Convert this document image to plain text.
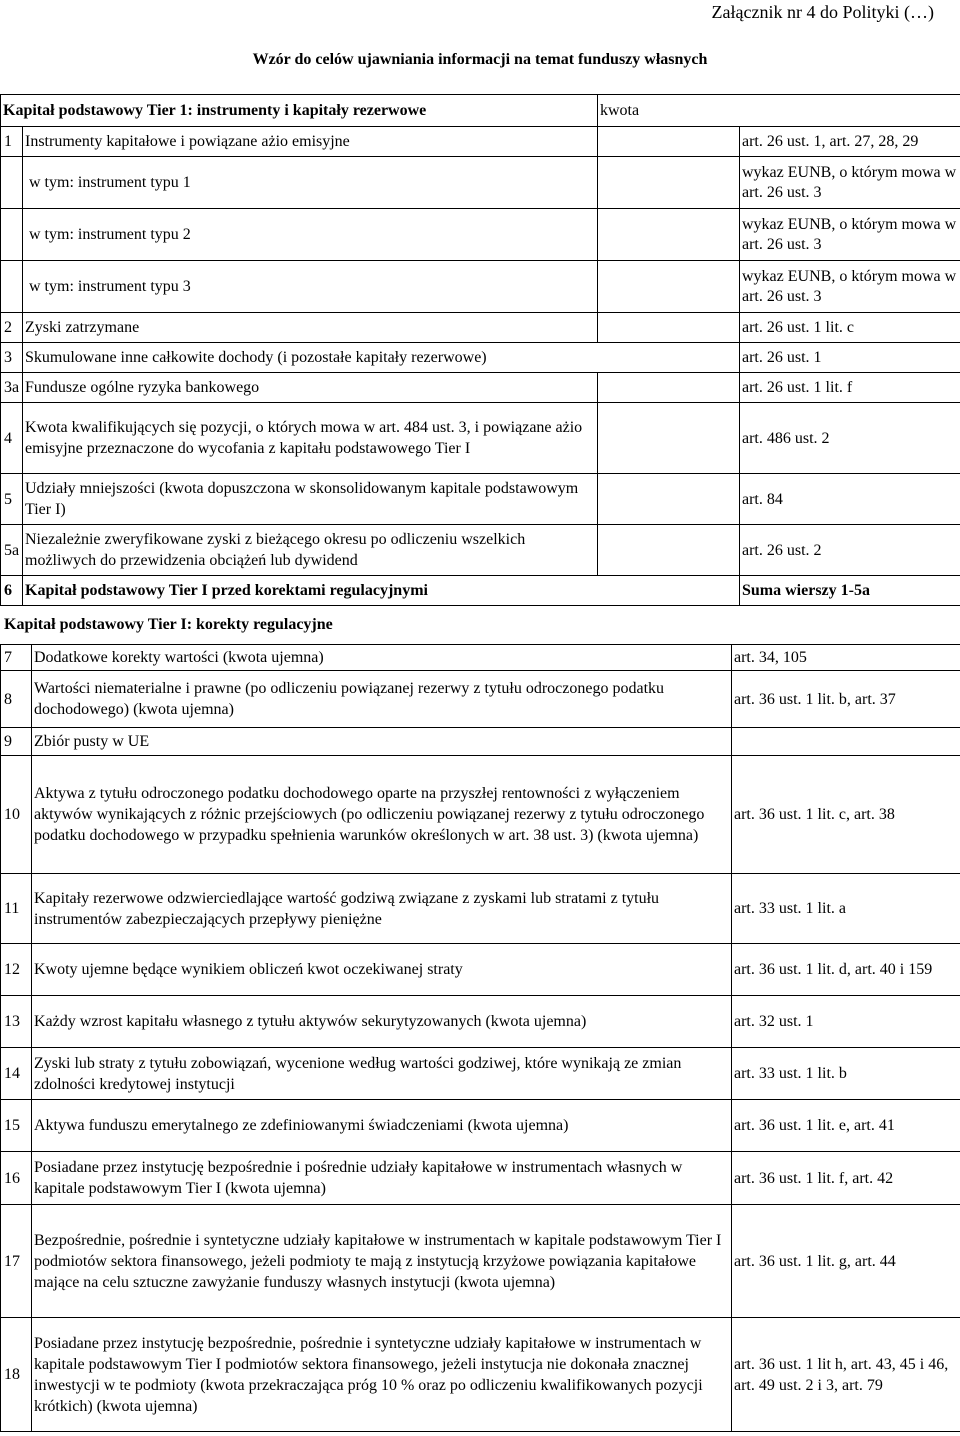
Załącznik nr 4 do Polityki (…)
Wzór do celów ujawniania informacji na temat funduszy własnych
Kapitał podstawowy Tier 1: instrumenty i kapitały rezerwowe		kwota	
1	Instrumenty kapitałowe i powiązane ażio emisyjne		art. 26 ust. 1, art. 27, 28, 29
	w tym: instrument typu 1		wykaz EUNB, o którym mowa w art. 26 ust. 3
	w tym: instrument typu 2		wykaz EUNB, o którym mowa w art. 26 ust. 3
	w tym: instrument typu 3		wykaz EUNB, o którym mowa w art. 26 ust. 3
2	Zyski zatrzymane		art. 26 ust. 1 lit. c
3	Skumulowane inne całkowite dochody (i pozostałe kapitały rezerwowe)		art. 26 ust. 1
3a	Fundusze ogólne ryzyka bankowego		art. 26 ust. 1 lit. f
4	Kwota kwalifikujących się pozycji, o których mowa w art. 484 ust. 3, i powiązane ażio emisyjne przeznaczone do wycofania z kapitału podstawowego Tier I		art. 486 ust. 2
5	Udziały mniejszości (kwota dopuszczona w skonsolidowanym kapitale podstawowym Tier I)		art. 84
5a	Niezależnie zweryfikowane zyski z bieżącego okresu po odliczeniu wszelkich możliwych do przewidzenia obciążeń lub dywidend		art. 26 ust. 2
6	Kapitał podstawowy Tier I przed korektami regulacyjnymi		Suma wierszy 1-5a
Kapitał podstawowy Tier I: korekty regulacyjne
7	Dodatkowe korekty wartości (kwota ujemna)	art. 34, 105
8	Wartości niematerialne i prawne (po odliczeniu powiązanej rezerwy z tytułu odroczonego podatku dochodowego) (kwota ujemna)	art. 36 ust. 1 lit. b, art. 37
9	Zbiór pusty w UE	
10	Aktywa z tytułu odroczonego podatku dochodowego oparte na przyszłej rentowności z wyłączeniem aktywów wynikających z różnic przejściowych (po odliczeniu powiązanej rezerwy z tytułu odroczonego podatku dochodowego w przypadku spełnienia warunków określonych w art. 38 ust. 3) (kwota ujemna)	art. 36 ust. 1 lit. c, art. 38
11	Kapitały rezerwowe odzwierciedlające wartość godziwą związane z zyskami lub stratami z tytułu instrumentów zabezpieczających przepływy pieniężne	art. 33 ust. 1 lit. a
12	Kwoty ujemne będące wynikiem obliczeń kwot oczekiwanej straty	art. 36 ust. 1 lit. d, art. 40 i 159
13	Każdy wzrost kapitału własnego z tytułu aktywów sekurytyzowanych (kwota ujemna)	art. 32 ust. 1
14	Zyski lub straty z tytułu zobowiązań, wycenione według wartości godziwej, które wynikają ze zmian zdolności kredytowej instytucji	art. 33 ust. 1 lit. b
15	Aktywa funduszu emerytalnego ze zdefiniowanymi świadczeniami (kwota ujemna)	art. 36 ust. 1 lit. e, art. 41
16	Posiadane przez instytucję bezpośrednie i pośrednie udziały kapitałowe w instrumentach własnych w kapitale podstawowym Tier I (kwota ujemna)	art. 36 ust. 1 lit. f, art. 42
17	Bezpośrednie, pośrednie i syntetyczne udziały kapitałowe w instrumentach w kapitale podstawowym Tier I podmiotów sektora finansowego, jeżeli podmioty te mają z instytucją krzyżowe powiązania kapitałowe mające na celu sztuczne zawyżanie funduszy własnych instytucji (kwota ujemna)	art. 36 ust. 1 lit. g, art. 44
18	Posiadane przez instytucję bezpośrednie, pośrednie i syntetyczne udziały kapitałowe w instrumentach w kapitale podstawowym Tier I podmiotów sektora finansowego, jeżeli instytucja nie dokonała znacznej inwestycji w te podmioty (kwota przekraczająca próg 10 % oraz po odliczeniu kwalifikowanych pozycji krótkich) (kwota ujemna)	art. 36 ust. 1 lit h, art. 43, 45 i 46, art. 49 ust. 2 i 3, art. 79
